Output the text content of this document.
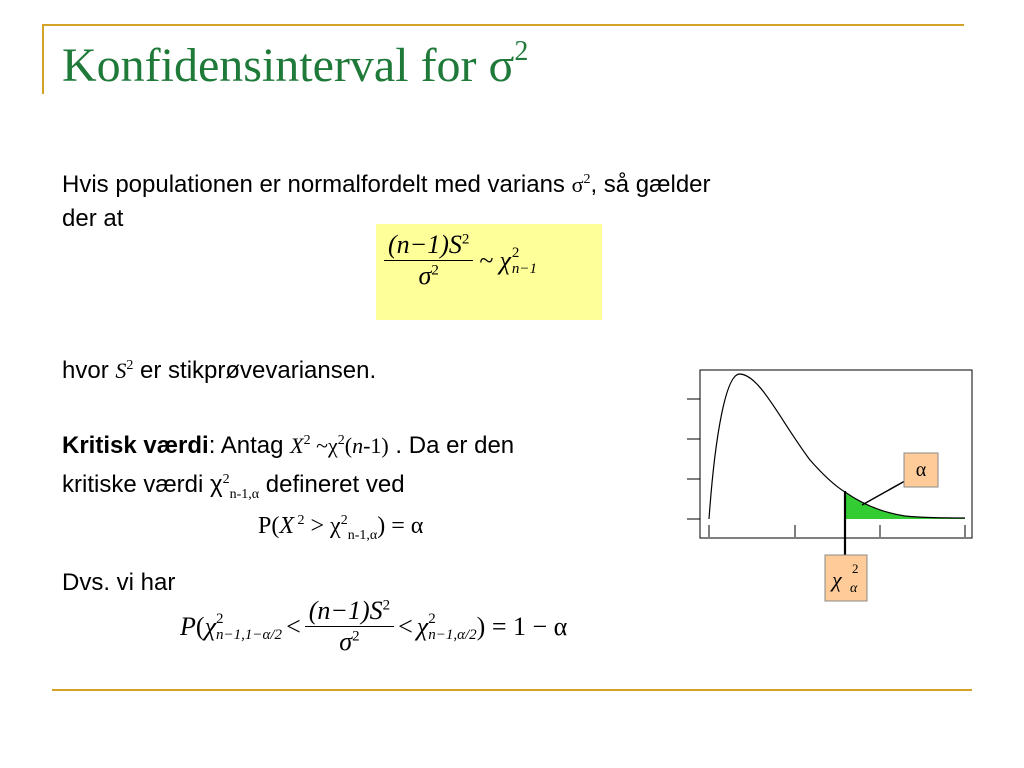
Konfidensinterval for $\sigma^2$
Hvis populationen er normalfordelt med varians $\sigma^2$, så gælder
der at
$\frac{(n-1)S^2}{\sigma^2}$ ~ χ 2
n−1
hvor $S^2$ er stikprøvevariansen.
Kritisk værdi: Antag $X^2$ $\sim\chi^2(n-1)$ . Da er den
kritiske værdi $\chi^2_{n-1,\alpha}$ defineret ved
P(X $^2 > \chi^2_{n-1,\alpha}) = \alpha$
Dvs. vi har
P ( χ 2
$n-1,1-\alpha/2 < \frac{(n-1)S^2}{\sigma^2} < \chi$ 2
n−1,α/2 ) = 1 − α
α
χ 2
α
